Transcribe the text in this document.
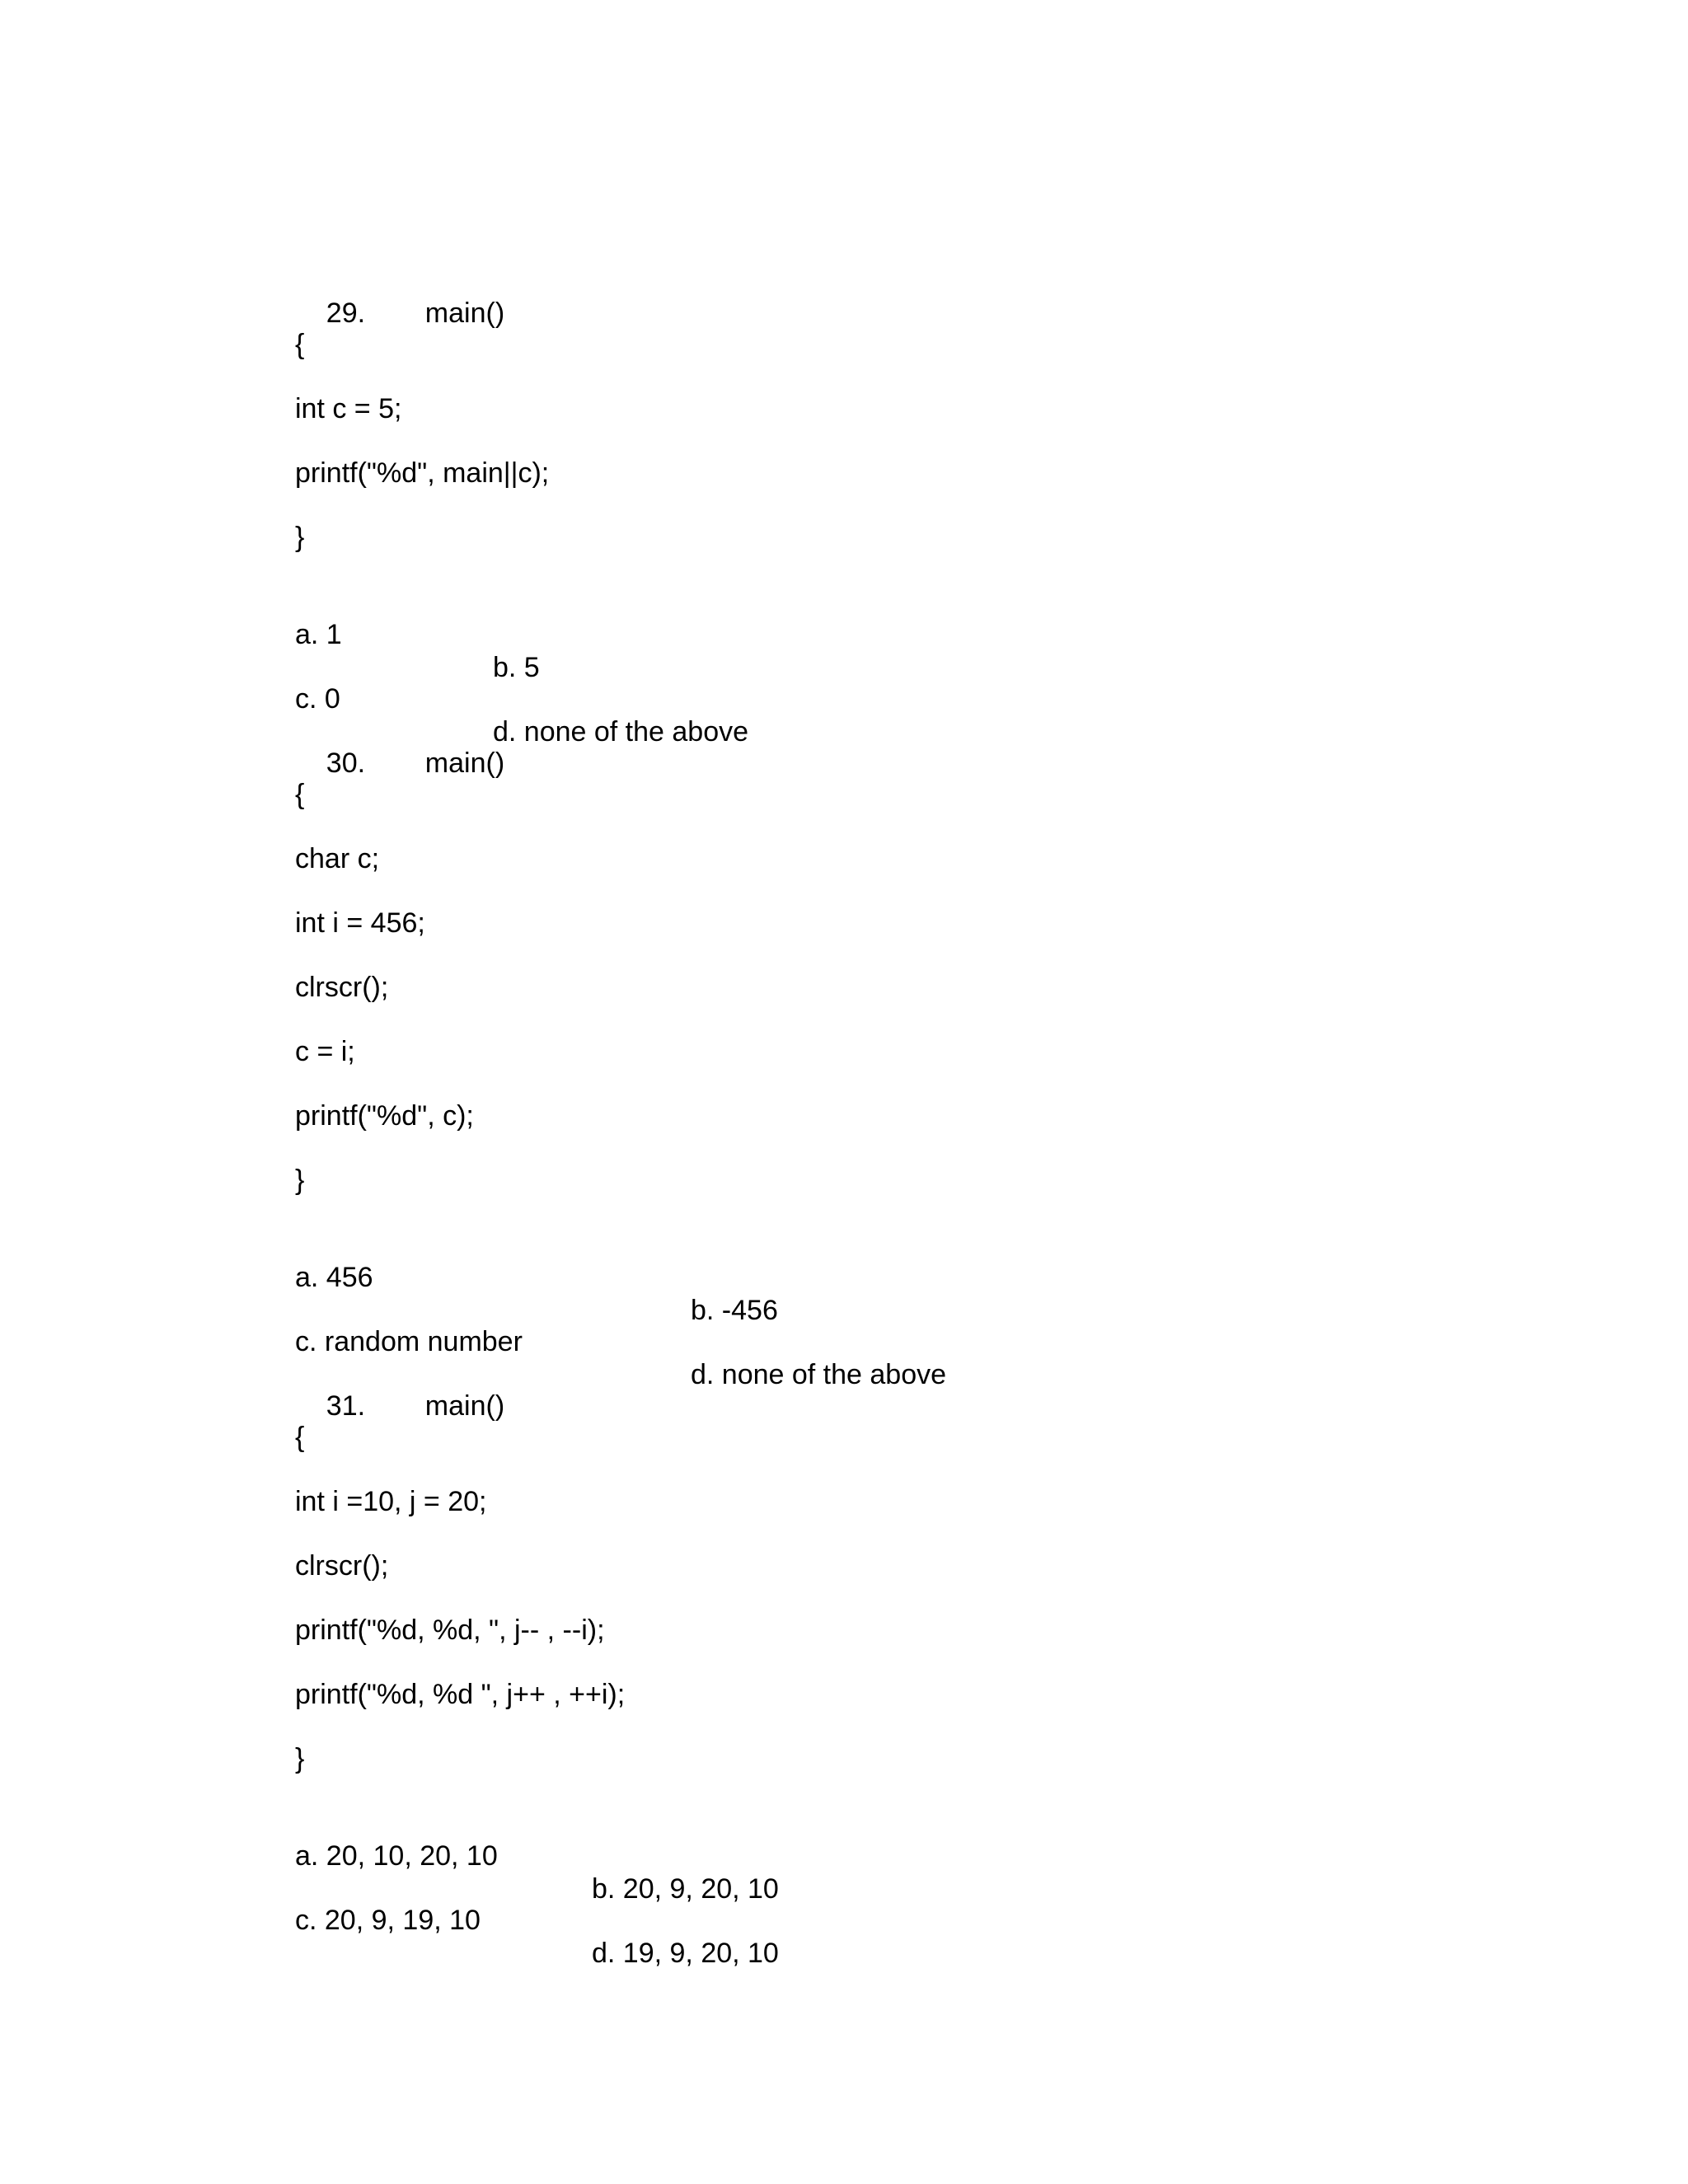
29. main()

{
int c = 5;
printf("%d", main||c);
}

a. 1

b. 5

c. 0

d. none of the above

30. main()

{
char c;
int i = 456;
clrscr();
c = i;
printf("%d", c);
}

a. 456

b. -456

c. random number

d. none of the above

31. main()

{
int i =10, j = 20;
clrscr();
printf("%d, %d, ", j-- , --i);
printf("%d, %d ", j++ , ++i);
}

a. 20, 10, 20, 10

b. 20, 9, 20, 10

c. 20, 9, 19, 10

d. 19, 9, 20, 10
